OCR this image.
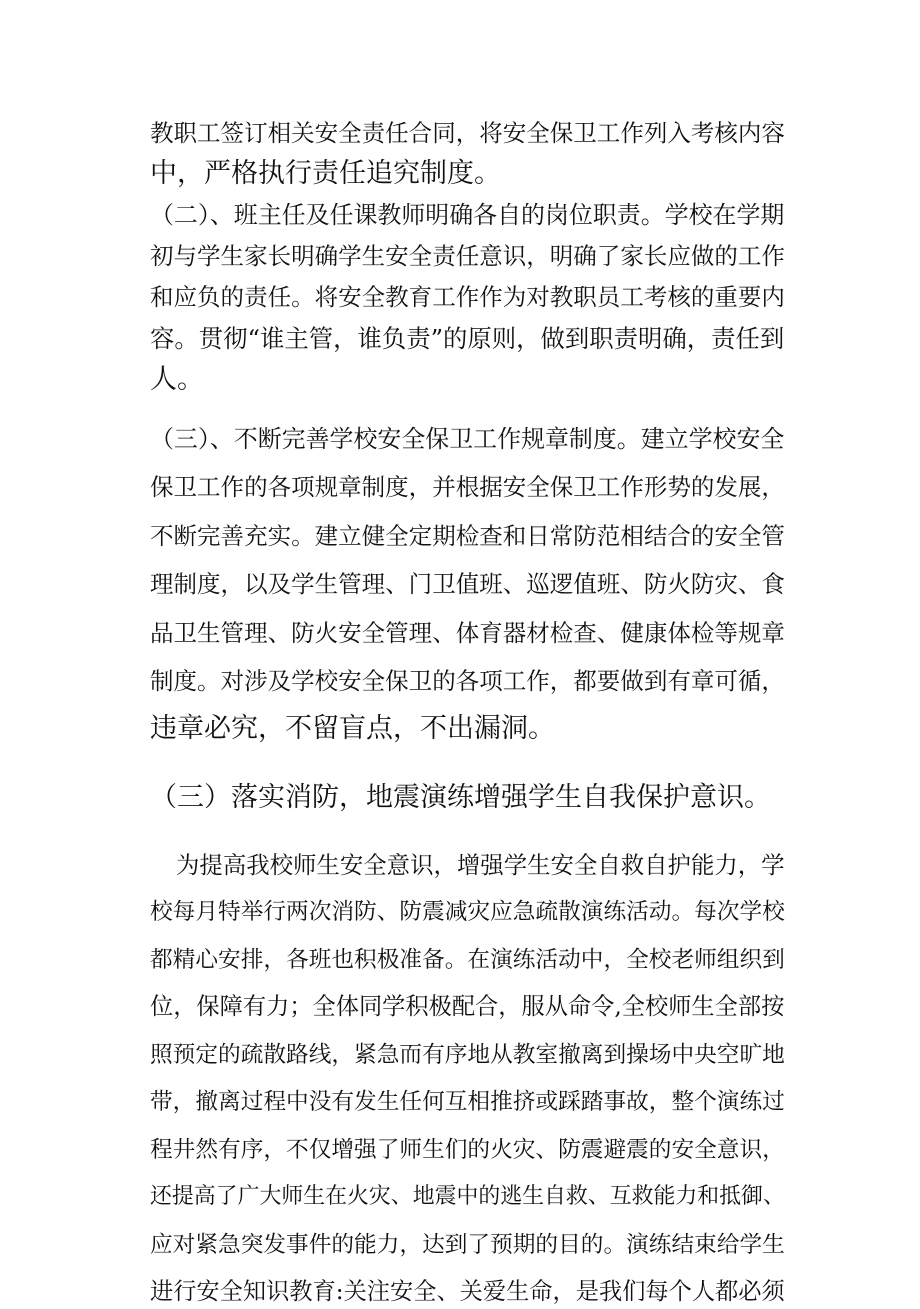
教职工签订相关安全责任合同，将安全保卫工作列入考核内容
中，严格执行责任追究制度。
（二）、班主任及任课教师明确各自的岗位职责。学校在学期
初与学生家长明确学生安全责任意识，明确了家长应做的工作
和应负的责任。将安全教育工作作为对教职员工考核的重要内
容。贯彻“谁主管，谁负责”的原则，做到职责明确，责任到
人。
（三）、不断完善学校安全保卫工作规章制度。建立学校安全
保卫工作的各项规章制度，并根据安全保卫工作形势的发展，
不断完善充实。建立健全定期检查和日常防范相结合的安全管
理制度，以及学生管理、门卫值班、巡逻值班、防火防灾、食
品卫生管理、防火安全管理、体育器材检查、健康体检等规章
制度。对涉及学校安全保卫的各项工作，都要做到有章可循，
违章必究，不留盲点，不出漏洞。
（三）落实消防，地震演练增强学生自我保护意识。
为提高我校师生安全意识，增强学生安全自救自护能力，学
校每月特举行两次消防、防震减灾应急疏散演练活动。每次学校
都精心安排，各班也积极准备。在演练活动中，全校老师组织到
位，保障有力；全体同学积极配合，服从命令,全校师生全部按
照预定的疏散路线，紧急而有序地从教室撤离到操场中央空旷地
带，撤离过程中没有发生任何互相推挤或踩踏事故，整个演练过
程井然有序，不仅增强了师生们的火灾、防震避震的安全意识，
还提高了广大师生在火灾、地震中的逃生自救、互救能力和抵御、
应对紧急突发事件的能力，达到了预期的目的。演练结束给学生
进行安全知识教育:关注安全、关爱生命，是我们每个人都必须
